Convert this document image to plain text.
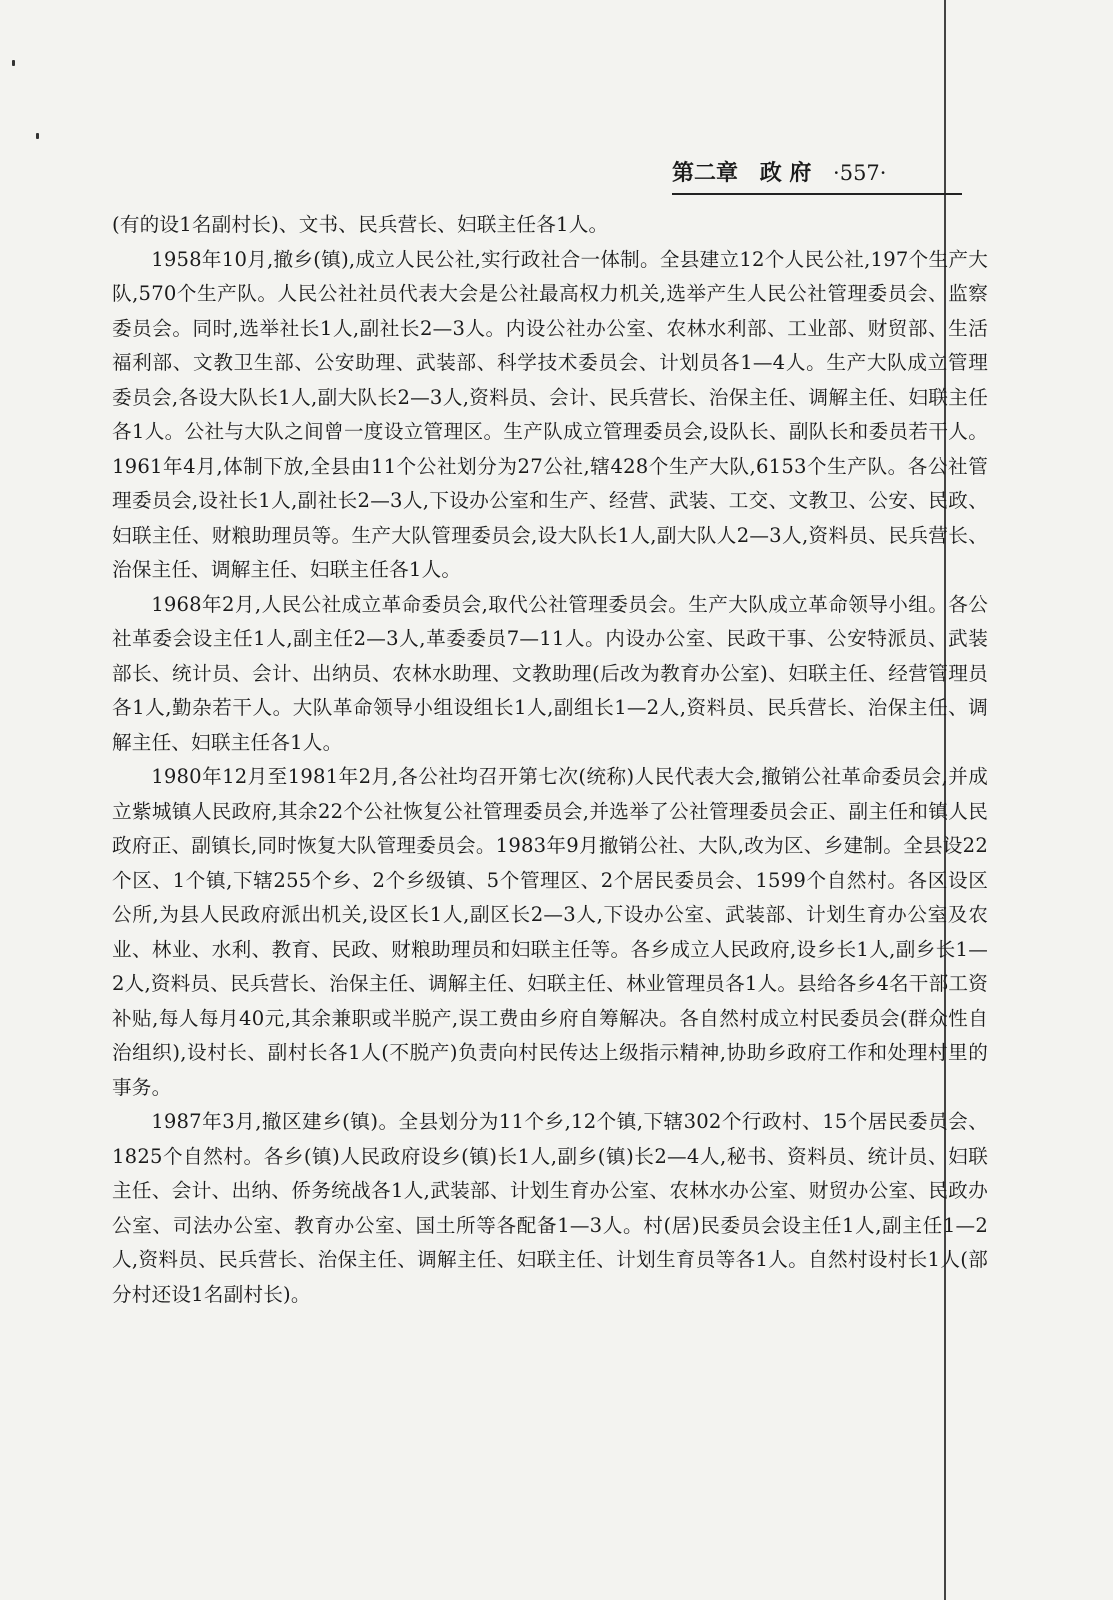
第二章 政 府 ·557·

(有的设1名副村长)、文书、民兵营长、妇联主任各1人。

1958年10月,撤乡(镇),成立人民公社,实行政社合一体制。全县建立12个人民公社,197个生产大队,570个生产队。人民公社社员代表大会是公社最高权力机关,选举产生人民公社管理委员会、监察委员会。同时,选举社长1人,副社长2—3人。内设公社办公室、农林水利部、工业部、财贸部、生活福利部、文教卫生部、公安助理、武装部、科学技术委员会、计划员各1—4人。生产大队成立管理委员会,各设大队长1人,副大队长2—3人,资料员、会计、民兵营长、治保主任、调解主任、妇联主任各1人。公社与大队之间曾一度设立管理区。生产队成立管理委员会,设队长、副队长和委员若干人。1961年4月,体制下放,全县由11个公社划分为27公社,辖428个生产大队,6153个生产队。各公社管理委员会,设社长1人,副社长2—3人,下设办公室和生产、经营、武装、工交、文教卫、公安、民政、妇联主任、财粮助理员等。生产大队管理委员会,设大队长1人,副大队人2—3人,资料员、民兵营长、治保主任、调解主任、妇联主任各1人。

1968年2月,人民公社成立革命委员会,取代公社管理委员会。生产大队成立革命领导小组。各公社革委会设主任1人,副主任2—3人,革委委员7—11人。内设办公室、民政干事、公安特派员、武装部长、统计员、会计、出纳员、农林水助理、文教助理(后改为教育办公室)、妇联主任、经营管理员各1人,勤杂若干人。大队革命领导小组设组长1人,副组长1—2人,资料员、民兵营长、治保主任、调解主任、妇联主任各1人。

1980年12月至1981年2月,各公社均召开第七次(统称)人民代表大会,撤销公社革命委员会,并成立紫城镇人民政府,其余22个公社恢复公社管理委员会,并选举了公社管理委员会正、副主任和镇人民政府正、副镇长,同时恢复大队管理委员会。1983年9月撤销公社、大队,改为区、乡建制。全县设22个区、1个镇,下辖255个乡、2个乡级镇、5个管理区、2个居民委员会、1599个自然村。各区设区公所,为县人民政府派出机关,设区长1人,副区长2—3人,下设办公室、武装部、计划生育办公室及农业、林业、水利、教育、民政、财粮助理员和妇联主任等。各乡成立人民政府,设乡长1人,副乡长1—2人,资料员、民兵营长、治保主任、调解主任、妇联主任、林业管理员各1人。县给各乡4名干部工资补贴,每人每月40元,其余兼职或半脱产,误工费由乡府自筹解决。各自然村成立村民委员会(群众性自治组织),设村长、副村长各1人(不脱产)负责向村民传达上级指示精神,协助乡政府工作和处理村里的事务。

1987年3月,撤区建乡(镇)。全县划分为11个乡,12个镇,下辖302个行政村、15个居民委员会、1825个自然村。各乡(镇)人民政府设乡(镇)长1人,副乡(镇)长2—4人,秘书、资料员、统计员、妇联主任、会计、出纳、侨务统战各1人,武装部、计划生育办公室、农林水办公室、财贸办公室、民政办公室、司法办公室、教育办公室、国土所等各配备1—3人。村(居)民委员会设主任1人,副主任1—2人,资料员、民兵营长、治保主任、调解主任、妇联主任、计划生育员等各1人。自然村设村长1人(部分村还设1名副村长)。
